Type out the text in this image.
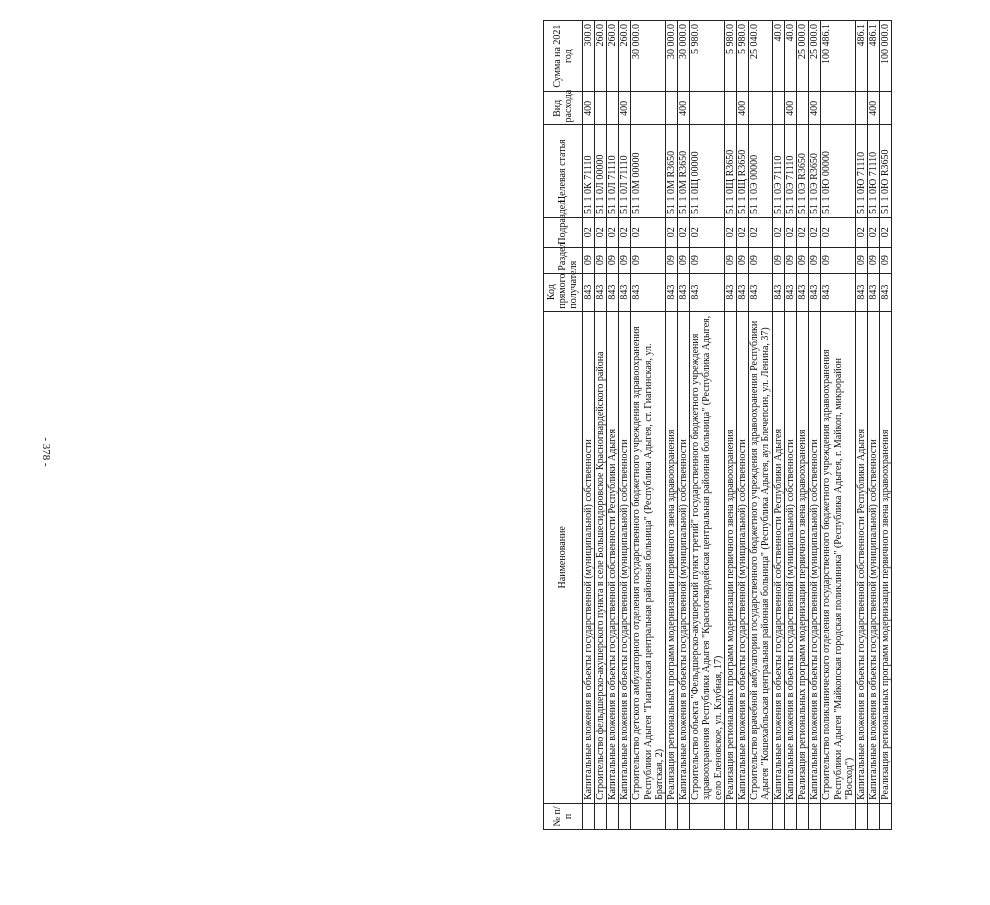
- 378 -
№ п/п	Наименование	Код прямого получателя	Раздел	Подраздел	Целевая статья	Вид расхода	Сумма на 2021 год
	Капитальные вложения в объекты государственной (муниципальной) собственности	843	09	02	51 1 0К 71110	400	300.0
	Строительство фельдшерско-акушерского пункта в селе Большесидоровское Красногвардейского района	843	09	02	51 1 0Л 00000		260.0
	Капитальные вложения в объекты государственной собственности Республики Адыгея	843	09	02	51 1 0Л 71110		260.0
	Капитальные вложения в объекты государственной (муниципальной) собственности	843	09	02	51 1 0Л 71110	400	260.0
	Строительство детского амбулаторного отделения государственного бюджетного учреждения здравоохранения Республики Адыгея "Гиагинская центральная районная больница" (Республика Адыгея, ст. Гиагинская, ул. Братская, 2)	843	09	02	51 1 0М 00000		30 000.0
	Реализация региональных программ модернизации первичного звена здравоохранения	843	09	02	51 1 0М R3650		30 000.0
	Капитальные вложения в объекты государственной (муниципальной) собственности	843	09	02	51 1 0М R3650	400	30 000.0
	Строительство объекта "Фельдшерско-акушерский пункт третий" государственного бюджетного учреждения здравоохранения Республики Адыгея "Красногвардейская центральная районная больница" (Республика Адыгея, село Еленовское, ул. Клубная, 17)	843	09	02	51 1 0Щ 00000		5 980.0
	Реализация региональных программ модернизации первичного звена здравоохранения	843	09	02	51 1 0Щ R3650		5 980.0
	Капитальные вложения в объекты государственной (муниципальной) собственности	843	09	02	51 1 0Щ R3650	400	5 980.0
	Строительство врачебной амбулатории государственного бюджетного учреждения здравоохранения Республики Адыгея "Кошехабльская центральная районная больница" (Республика Адыгея, аул Блечепсин, ул. Ленина, 37)	843	09	02	51 1 0Э 00000		25 040.0
	Капитальные вложения в объекты государственной собственности Республики Адыгея	843	09	02	51 1 0Э 71110		40.0
	Капитальные вложения в объекты государственной (муниципальной) собственности	843	09	02	51 1 0Э 71110	400	40.0
	Реализация региональных программ модернизации первичного звена здравоохранения	843	09	02	51 1 0Э R3650		25 000.0
	Капитальные вложения в объекты государственной (муниципальной) собственности	843	09	02	51 1 0Э R3650	400	25 000.0
	Строительство поликлинического отделения государственного бюджетного учреждения здравоохранения Республики Адыгея "Майкопская городская поликлиника" (Республика Адыгея, г. Майкоп, микрорайон "Восход")	843	09	02	51 1 0Ю 00000		100 486.1
	Капитальные вложения в объекты государственной собственности Республики Адыгея	843	09	02	51 1 0Ю 71110		486.1
	Капитальные вложения в объекты государственной (муниципальной) собственности	843	09	02	51 1 0Ю 71110	400	486.1
	Реализация региональных программ модернизации первичного звена здравоохранения	843	09	02	51 1 0Ю R3650		100 000.0
